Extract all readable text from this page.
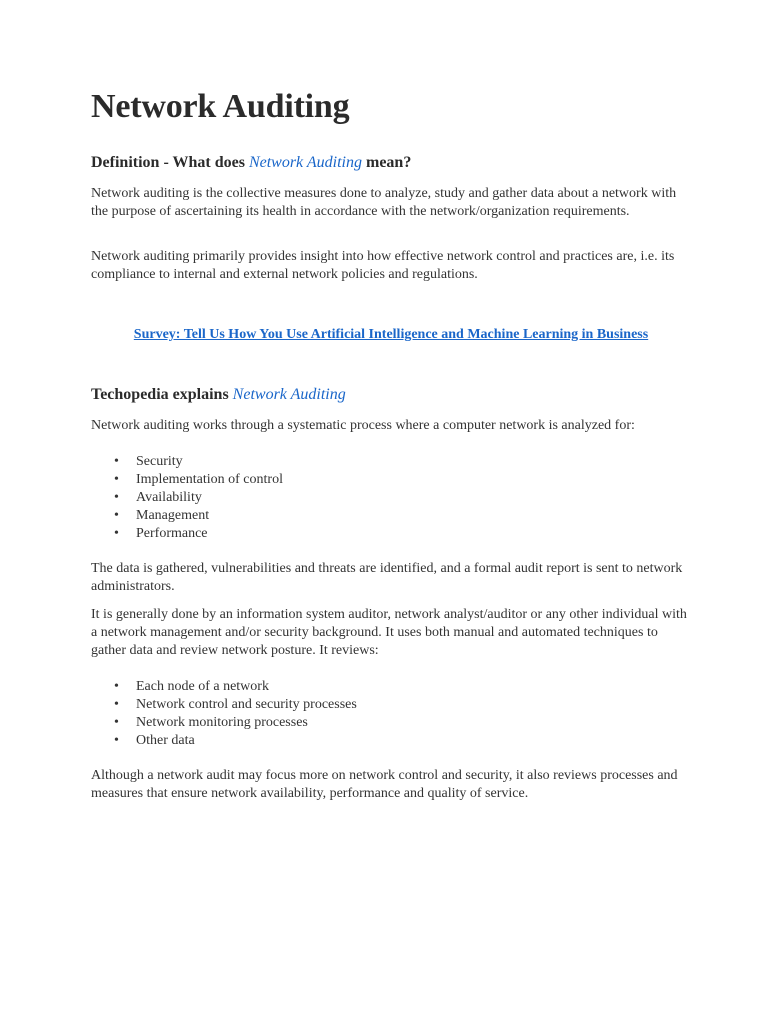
Network Auditing

Definition - What does Network Auditing mean?

Network auditing is the collective measures done to analyze, study and gather data about a network with the purpose of ascertaining its health in accordance with the network/organization requirements.

Network auditing primarily provides insight into how effective network control and practices are, i.e. its compliance to internal and external network policies and regulations.

Survey: Tell Us How You Use Artificial Intelligence and Machine Learning in Business

Techopedia explains Network Auditing

Network auditing works through a systematic process where a computer network is analyzed for:

• Security
• Implementation of control
• Availability
• Management
• Performance

The data is gathered, vulnerabilities and threats are identified, and a formal audit report is sent to network administrators.

It is generally done by an information system auditor, network analyst/auditor or any other individual with a network management and/or security background. It uses both manual and automated techniques to gather data and review network posture. It reviews:

• Each node of a network
• Network control and security processes
• Network monitoring processes
• Other data

Although a network audit may focus more on network control and security, it also reviews processes and measures that ensure network availability, performance and quality of service.
